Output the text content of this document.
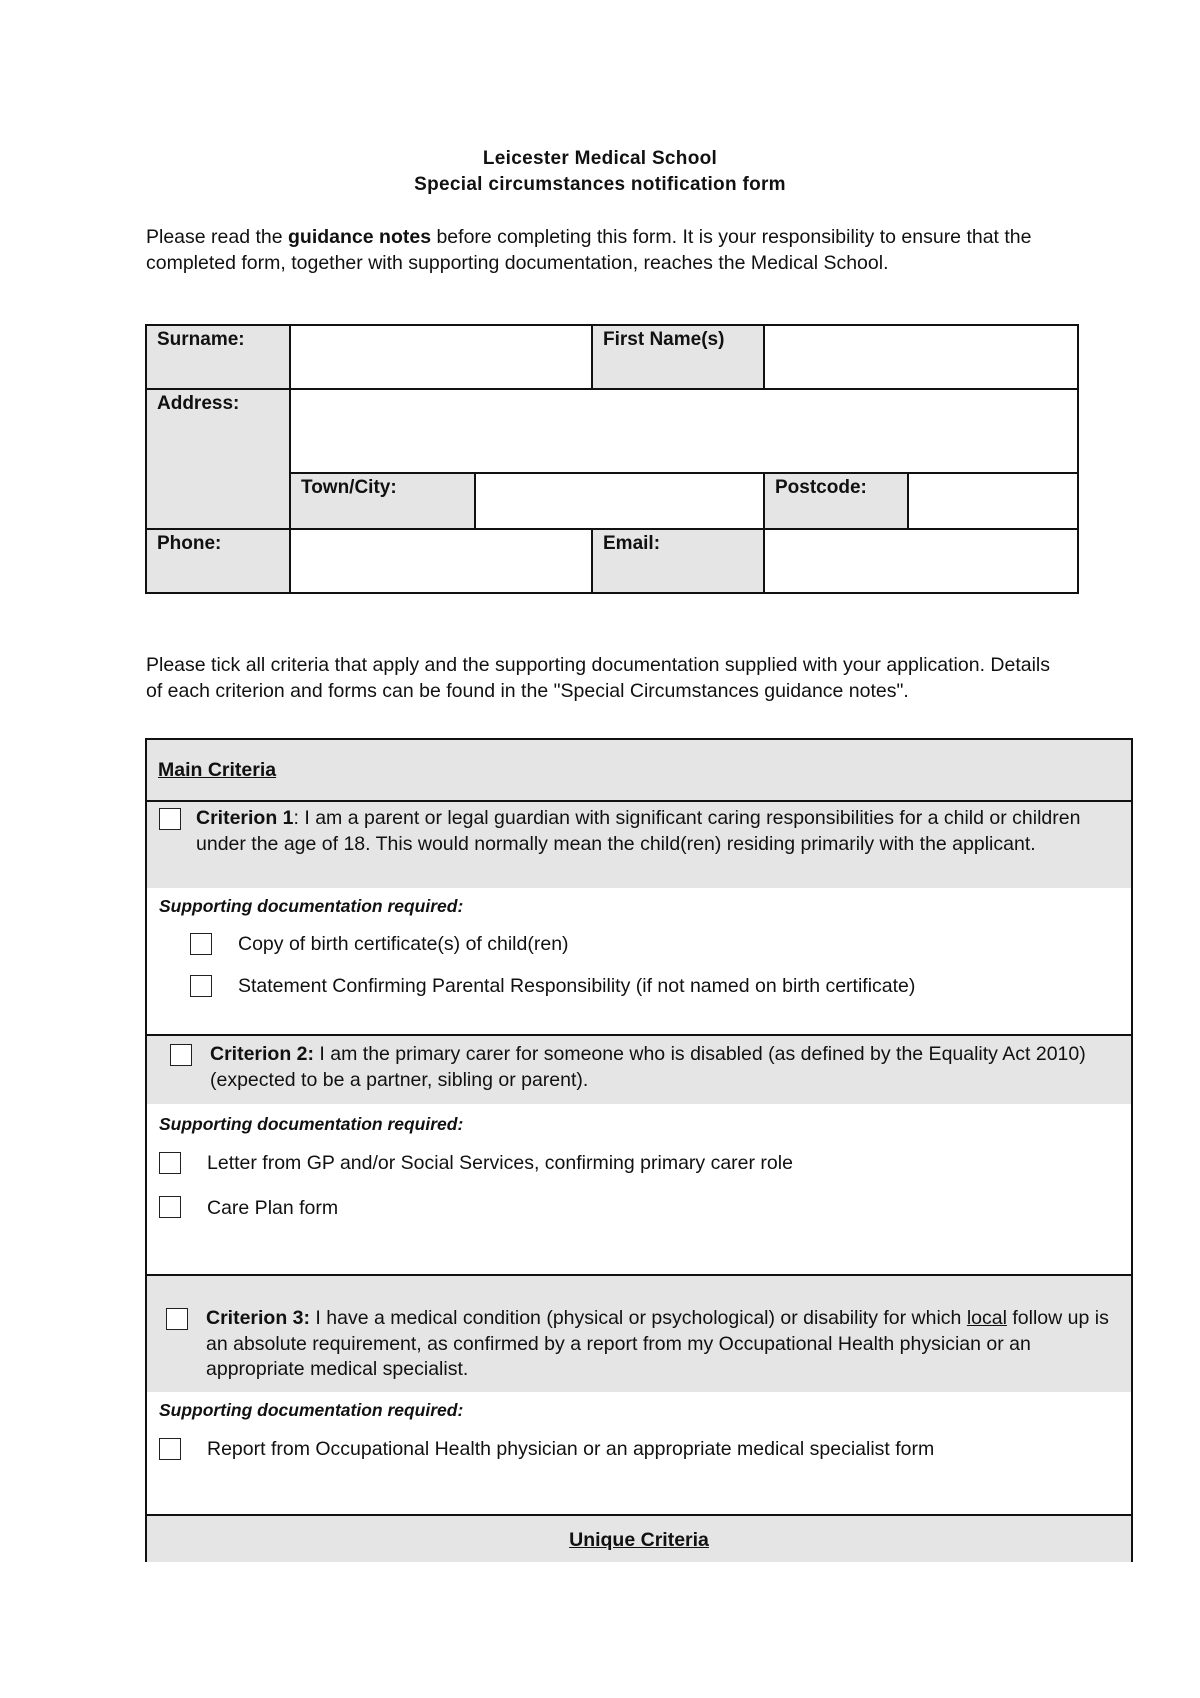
Leicester Medical School
Special circumstances notification form
Please read the guidance notes before completing this form. It is your responsibility to ensure that the completed form, together with supporting documentation, reaches the Medical School.
Surname:			First Name(s)		
Address:					
	Town/City:			Postcode:	
Phone:			Email:		
Please tick all criteria that apply and the supporting documentation supplied with your application. Details of each criterion and forms can be found in the "Special Circumstances guidance notes".
Main Criteria
Criterion 1: I am a parent or legal guardian with significant caring responsibilities for a child or children under the age of 18. This would normally mean the child(ren) residing primarily with the applicant.
Supporting documentation required:
Copy of birth certificate(s) of child(ren)
Statement Confirming Parental Responsibility (if not named on birth certificate)
Criterion 2: I am the primary carer for someone who is disabled (as defined by the Equality Act 2010) (expected to be a partner, sibling or parent).
Supporting documentation required:
Letter from GP and/or Social Services, confirming primary carer role
Care Plan form
Criterion 3: I have a medical condition (physical or psychological) or disability for which local follow up is an absolute requirement, as confirmed by a report from my Occupational Health physician or an appropriate medical specialist.
Supporting documentation required:
Report from Occupational Health physician or an appropriate medical specialist form
Unique Criteria
